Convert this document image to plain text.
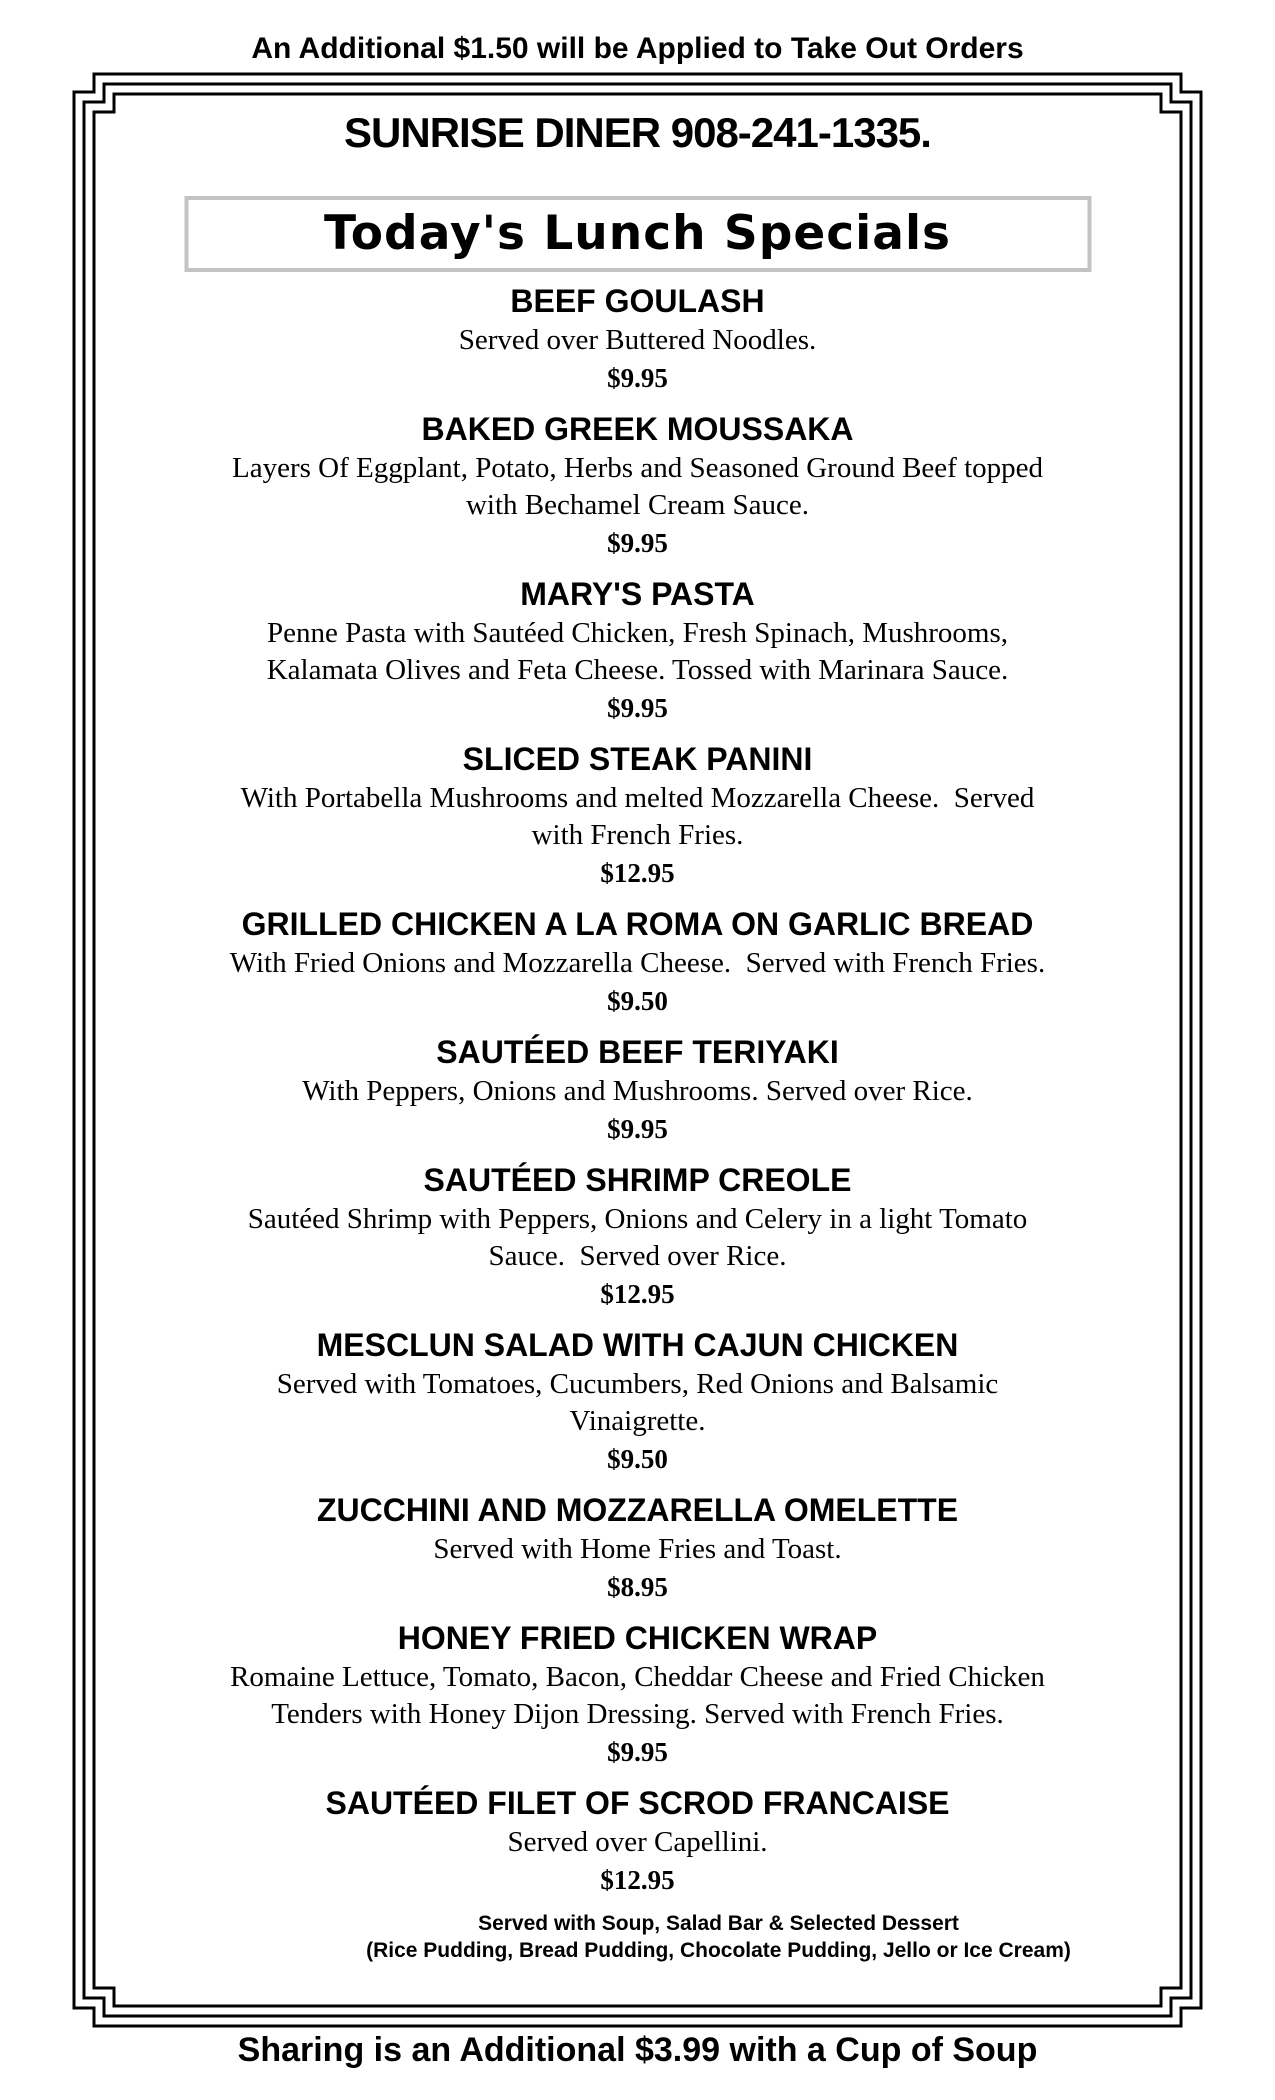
An Additional $1.50 will be Applied to Take Out Orders
SUNRISE DINER 908-241-1335.
Today's Lunch Specials
BEEF GOULASH
Served over Buttered Noodles.
$9.95
BAKED GREEK MOUSSAKA
Layers Of Eggplant, Potato, Herbs and Seasoned Ground Beef topped
with Bechamel Cream Sauce.
$9.95
MARY'S PASTA
Penne Pasta with Sautéed Chicken, Fresh Spinach, Mushrooms,
Kalamata Olives and Feta Cheese. Tossed with Marinara Sauce.
$9.95
SLICED STEAK PANINI
With Portabella Mushrooms and melted Mozzarella Cheese.  Served
with French Fries.
$12.95
GRILLED CHICKEN A LA ROMA ON GARLIC BREAD
With Fried Onions and Mozzarella Cheese.  Served with French Fries.
$9.50
SAUTÉED BEEF TERIYAKI
With Peppers, Onions and Mushrooms. Served over Rice.
$9.95
SAUTÉED SHRIMP CREOLE
Sautéed Shrimp with Peppers, Onions and Celery in a light Tomato
Sauce.  Served over Rice.
$12.95
MESCLUN SALAD WITH CAJUN CHICKEN
Served with Tomatoes, Cucumbers, Red Onions and Balsamic
Vinaigrette.
$9.50
ZUCCHINI AND MOZZARELLA OMELETTE
Served with Home Fries and Toast.
$8.95
HONEY FRIED CHICKEN WRAP
Romaine Lettuce, Tomato, Bacon, Cheddar Cheese and Fried Chicken
Tenders with Honey Dijon Dressing. Served with French Fries.
$9.95
SAUTÉED FILET OF SCROD FRANCAISE
Served over Capellini.
$12.95
Served with Soup, Salad Bar & Selected Dessert
(Rice Pudding, Bread Pudding, Chocolate Pudding, Jello or Ice Cream)
Sharing is an Additional $3.99 with a Cup of Soup
